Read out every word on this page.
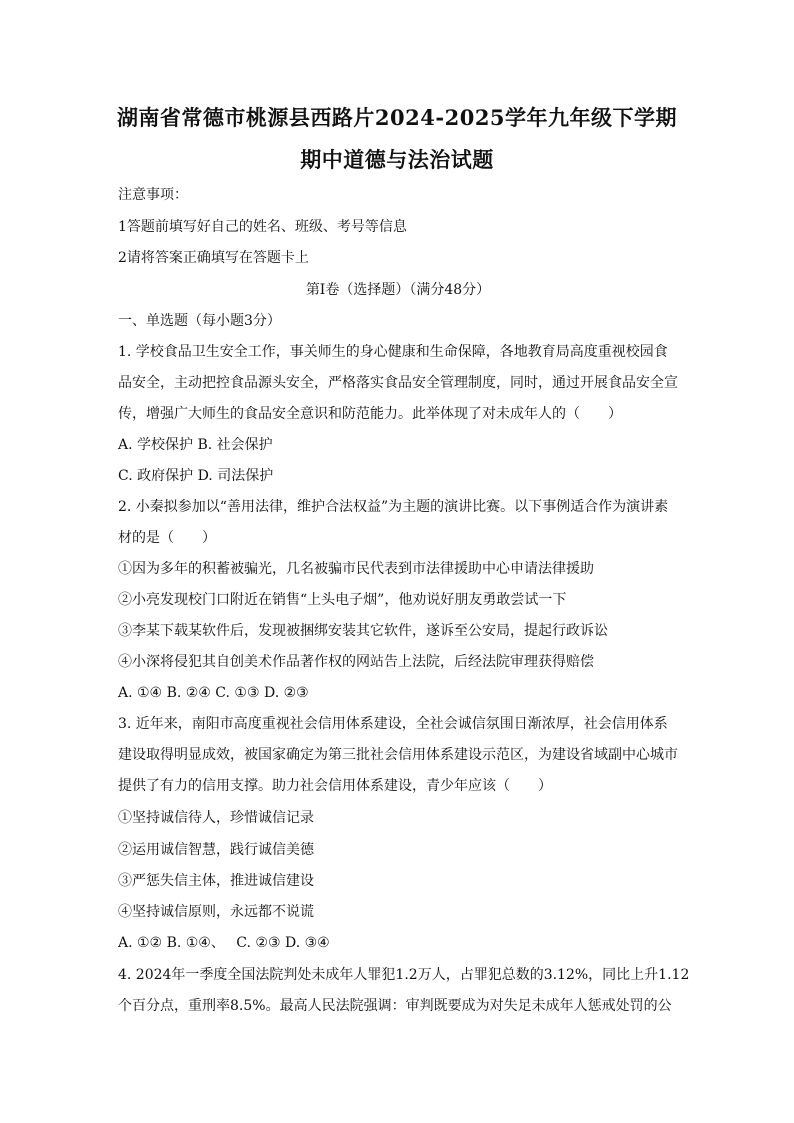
湖南省常德市桃源县西路片2024-2025学年九年级下学期
期中道德与法治试题
注意事项：
1答题前填写好自己的姓名、班级、考号等信息
2请将答案正确填写在答题卡上
第I卷（选择题）（满分48分）
一、单选题（每小题3分）
1. 学校食品卫生安全工作，事关师生的身心健康和生命保障，各地教育局高度重视校园食
品安全，主动把控食品源头安全，严格落实食品安全管理制度，同时，通过开展食品安全宣
传，增强广大师生的食品安全意识和防范能力。此举体现了对未成年人的（　　）
A. 学校保护 B. 社会保护
C. 政府保护 D. 司法保护
2. 小秦拟参加以“善用法律，维护合法权益”为主题的演讲比赛。以下事例适合作为演讲素
材的是（　　）
①因为多年的积蓄被骗光，几名被骗市民代表到市法律援助中心申请法律援助
②小亮发现校门口附近在销售“上头电子烟”，他劝说好朋友勇敢尝试一下
③李某下载某软件后，发现被捆绑安装其它软件，遂诉至公安局，提起行政诉讼
④小深将侵犯其自创美术作品著作权的网站告上法院，后经法院审理获得赔偿
A. ①④ B. ②④ C. ①③ D. ②③
3. 近年来，南阳市高度重视社会信用体系建设，全社会诚信氛围日渐浓厚，社会信用体系
建设取得明显成效，被国家确定为第三批社会信用体系建设示范区，为建设省域副中心城市
提供了有力的信用支撑。助力社会信用体系建设，青少年应该（　　）
①坚持诚信待人，珍惜诚信记录
②运用诚信智慧，践行诚信美德
③严惩失信主体，推进诚信建设
④坚持诚信原则，永远都不说谎
A. ①② B. ①④、　 C. ②③ D. ③④
4. 2024年一季度全国法院判处未成年人罪犯1.2万人，占罪犯总数的3.12%，同比上升1.12
个百分点，重刑率8.5%。最高人民法院强调：审判既要成为对失足未成年人惩戒处罚的公
